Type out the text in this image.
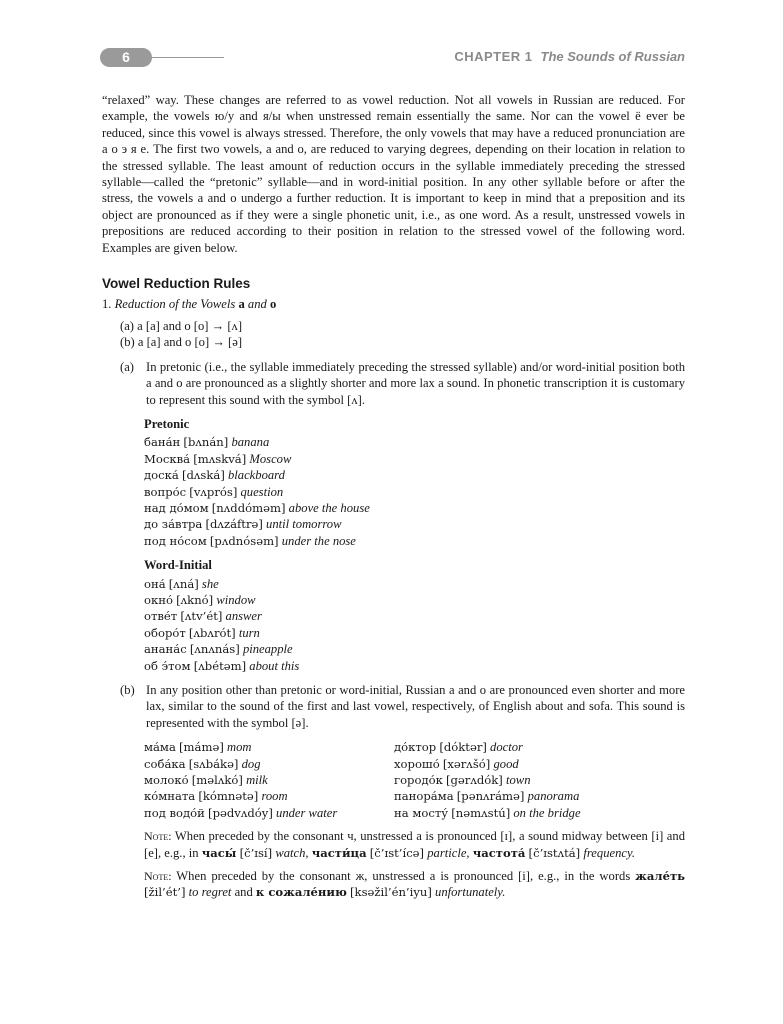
6	CHAPTER 1 The Sounds of Russian

“relaxed” way. These changes are referred to as vowel reduction. Not all vowels in Russian are reduced. For example, the vowels ю/у and я/ы when unstressed remain essentially the same. Nor can the vowel ё ever be reduced, since this vowel is always stressed. Therefore, the only vowels that may have a reduced pronunciation are а о э я е. The first two vowels, а and о, are reduced to varying degrees, depending on their location in relation to the stressed syllable. The least amount of reduction occurs in the syllable immediately preceding the stressed syllable—called the “pretonic” syllable—and in word-initial position. In any other syllable before or after the stress, the vowels а and о undergo a further reduction. It is important to keep in mind that a preposition and its object are pronounced as if they were a single phonetic unit, i.e., as one word. As a result, unstressed vowels in prepositions are reduced according to their position in relation to the stressed vowel of the following word. Examples are given below.

Vowel Reduction Rules
1. Reduction of the Vowels а and о
(a) а [a] and о [o] → [ʌ]
(b) а [a] and о [o] → [ə]
(a) In pretonic (i.e., the syllable immediately preceding the stressed syllable) and/or word-initial position both а and о are pronounced as a slightly shorter and more lax a sound. In phonetic transcription it is customary to represent this sound with the symbol [ʌ].
Pretonic
бана́н [bʌnán] banana
Москва́ [mʌskvá] Moscow
доска́ [dʌská] blackboard
вопро́с [vʌprós] question
над до́мом [nʌddóməm] above the house
до за́втра [dʌzáftrə] until tomorrow
под но́сом [pʌdnósəm] under the nose
Word-Initial
она́ [ʌná] she
окно́ [ʌknó] window
отве́т [ʌtv’ét] answer
оборо́т [ʌbʌrót] turn
анана́с [ʌnʌnás] pineapple
об э́том [ʌbétəm] about this
(b) In any position other than pretonic or word-initial, Russian а and о are pronounced even shorter and more lax, similar to the sound of the first and last vowel, respectively, of English about and sofa. This sound is represented with the symbol [ə].
ма́ма [mámə] mom
соба́ка [sʌbákə] dog
молоко́ [məlʌkó] milk
ко́мната [kómnətə] room
под водо́й [pədvʌdóy] under water
до́ктор [dóktər] doctor
хорошо́ [xərʌšó] good
городо́к [gərʌdók] town
панора́ма [pənʌrámə] panorama
на мосту́ [nəmʌstú] on the bridge
Note: When preceded by the consonant ч, unstressed а is pronounced [ɪ], a sound midway between [i] and [e], e.g., in часы́ [č’ɪsí] watch, части́ца [č’ɪst’ícə] particle, частота́ [č’ɪstʌtá] frequency.
Note: When preceded by the consonant ж, unstressed а is pronounced [i], e.g., in the words жале́ть [žil’ét’] to regret and к сожале́нию [ksəžil’én’iyu] unfortunately.
